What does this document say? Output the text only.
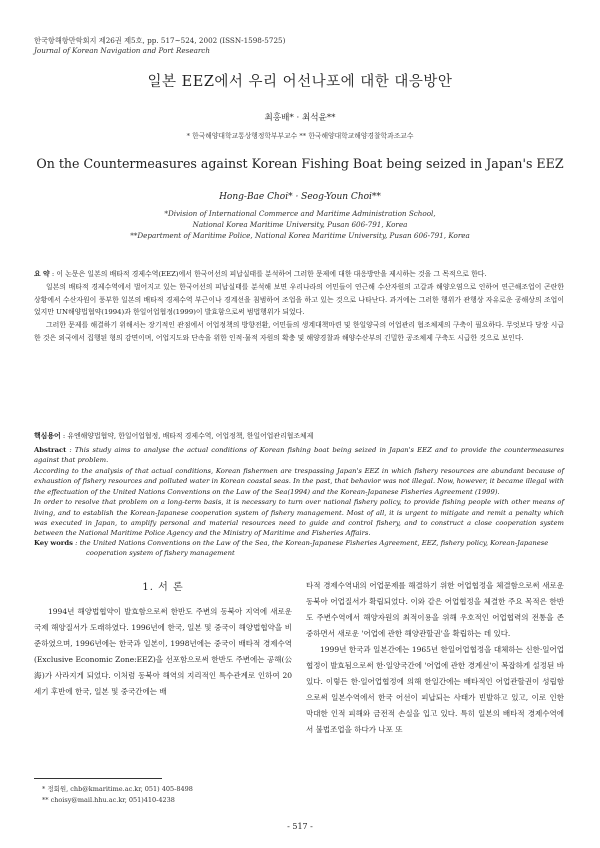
한국항해항만학회지 제26권 제5호, pp. 517~524, 2002 (ISSN-1598-5725)
Journal of Korean Navigation and Port Research
일본 EEZ에서 우리 어선나포에 대한 대응방안
최홍배* · 최석윤**
* 한국해양대학교통상행정학부부교수 ** 한국해양대학교해양경찰학과조교수
On the Countermeasures against Korean Fishing Boat being seized in Japan's EEZ
Hong-Bae Choi* · Seog-Youn Choi**
*Division of International Commerce and Maritime Administration School,
National Korea Maritime University, Pusan 606-791, Korea
**Department of Maritime Police, National Korea Maritime University, Pusan 606-791, Korea

요 약 : 이 논문은 일본의 배타적 경제수역(EEZ)에서 한국어선의 피납실태를 분석하여 그러한 문제에 대한 대응방안을 제시하는 것을 그 목적으로 한다.

일본의 배타적 경제수역에서 벌어지고 있는 한국어선의 피납실태를 분석해 보면 우리나라의 어민들이 연근해 수산자원의 고갈과 해양오염으로 인하여 연근해조업이 곤란한 상황에서 수산자원이 풍부한 일본의 배타적 경제수역 부근이나 경계선을 침범하여 조업을 하고 있는 것으로 나타난다. 과거에는 그러한 행위가 관행상 자유로운 공해상의 조업이었지만 UN해양법협약(1994)과 한일어업협정(1999)이 발효함으로써 범법행위가 되었다.

그러한 문제를 해결하기 위해서는 장기적인 관점에서 어업정책의 방향전환, 어민들의 생계대책마련 및 한일양국의 어업관리 협조체제의 구축이 필요하다. 무엇보다 당장 시급한 것은 외국에서 집행된 형의 감면이며, 어업지도와 단속을 위한 인적·물적 자원의 확충 및 해양경찰과 해양수산부의 긴밀한 공조체제 구축도 시급한 것으로 보인다.

핵심용어 : 유엔해양법협약, 한일어업협정, 배타적 경제수역, 어업정책, 한일어업관리협조체제

Abstract : This study aims to analyse the actual conditions of Korean fishing boat being seized in Japan's EEZ and to provide the countermeasures against that problem.

According to the analysis of that actual conditions, Korean fishermen are trespassing Japan's EEZ in which fishery resources are abundant because of exhaustion of fishery resources and polluted water in Korean coastal seas. In the past, that behavior was not illegal. Now, however, it became illegal with the effectuation of the United Nations Conventions on the Law of the Sea(1994) and the Korean-Japanese Fisheries Agreement (1999).

In order to resolve that problem on a long-term basis, it is necessary to turn over national fishery policy, to provide fishing people with other means of living, and to establish the Korean-Japanese cooperation system of fishery management. Most of all, it is urgent to mitigate and remit a penalty which was executed in Japan, to amplify personal and material resources need to guide and control fishery, and to construct a close cooperation system between the National Maritime Police Agency and the Ministry of Maritime and Fisheries Affairs.

Key words : the United Nations Conventions on the Law of the Sea, the Korean-Japanese Fisheries Agreement, EEZ, fishery policy, Korean-Japanese cooperation system of fishery management
1. 서 론

1994년 해양법협약이 발효함으로써 한반도 주변의 동북아 지역에 새로운 국제 해양질서가 도래하였다. 1996년에 한국, 일본 및 중국이 해양법협약을 비준하였으며, 1996년에는 한국과 일본이, 1998년에는 중국이 배타적 경제수역(Exclusive Economic Zone:EEZ)을 선포함으로써 한반도 주변에는 공해(公海)가 사라지게 되었다. 이처럼 동북아 해역의 지리적인 특수관계로 인하여 20세기 후반에 한국, 일본 및 중국간에는 배

타적 경제수역내의 어업문제를 해결하기 위한 어업협정을 체결함으로써 새로운 동북아 어업질서가 확립되었다. 이와 같은 어업협정을 체결한 주요 목적은 한반도 주변수역에서 해양자원의 최적이용을 위해 우호적인 어업협력의 전통을 존중하면서 새로운 '어업에 관한 해양관할권'을 확립하는 데 있다.

1999년 한국과 일본간에는 1965년 한일어업협정을 대체하는 신한·일어업협정이 발효됨으로써 한·일양국간에 '어업에 관한 경계선'이 복잡하게 설정된 바 있다. 이렇든 한·일어업협정에 의해 한일간에는 배타적인 어업관할권이 성립함으로써 일본수역에서 한국 어선이 피납되는 사태가 빈발하고 있고, 이로 인한 막대한 인적 피해와 금전적 손실을 입고 있다. 특히 일본의 배타적 경제수역에서 불법조업을 하다가 나포 또

* 정회원, chb@kmaritime.ac.kr, 051) 405-8498
** choisy@mail.hhu.ac.kr, 051)410-4238
- 517 -
